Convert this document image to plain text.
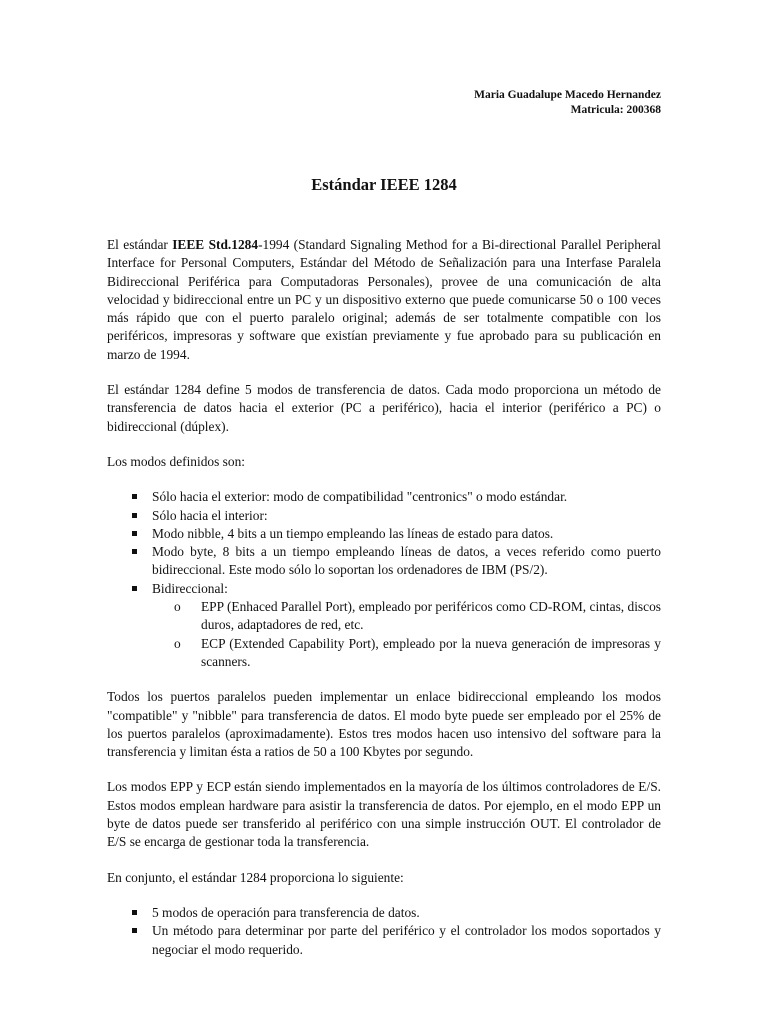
Maria Guadalupe Macedo Hernandez
Matricula: 200368
Estándar IEEE 1284

El estándar IEEE Std.1284-1994 (Standard Signaling Method for a Bi-directional Parallel Peripheral Interface for Personal Computers, Estándar del Método de Señalización para una Interfase Paralela Bidireccional Periférica para Computadoras Personales), provee de una comunicación de alta velocidad y bidireccional entre un PC y un dispositivo externo que puede comunicarse 50 o 100 veces más rápido que con el puerto paralelo original; además de ser totalmente compatible con los periféricos, impresoras y software que existían previamente y fue aprobado para su publicación en marzo de 1994.

El estándar 1284 define 5 modos de transferencia de datos. Cada modo proporciona un método de transferencia de datos hacia el exterior (PC a periférico), hacia el interior (periférico a PC) o bidireccional (dúplex).

Los modos definidos son:

Sólo hacia el exterior: modo de compatibilidad "centronics" o modo estándar.
Sólo hacia el interior:
Modo nibble, 4 bits a un tiempo empleando las líneas de estado para datos.
Modo byte, 8 bits a un tiempo empleando líneas de datos, a veces referido como puerto bidireccional. Este modo sólo lo soportan los ordenadores de IBM (PS/2).
Bidireccional:
o EPP (Enhaced Parallel Port), empleado por periféricos como CD-ROM, cintas, discos duros, adaptadores de red, etc.
o ECP (Extended Capability Port), empleado por la nueva generación de impresoras y scanners.

Todos los puertos paralelos pueden implementar un enlace bidireccional empleando los modos "compatible" y "nibble" para transferencia de datos. El modo byte puede ser empleado por el 25% de los puertos paralelos (aproximadamente). Estos tres modos hacen uso intensivo del software para la transferencia y limitan ésta a ratios de 50 a 100 Kbytes por segundo.

Los modos EPP y ECP están siendo implementados en la mayoría de los últimos controladores de E/S. Estos modos emplean hardware para asistir la transferencia de datos. Por ejemplo, en el modo EPP un byte de datos puede ser transferido al periférico con una simple instrucción OUT. El controlador de E/S se encarga de gestionar toda la transferencia.

En conjunto, el estándar 1284 proporciona lo siguiente:

5 modos de operación para transferencia de datos.
Un método para determinar por parte del periférico y el controlador los modos soportados y negociar el modo requerido.
